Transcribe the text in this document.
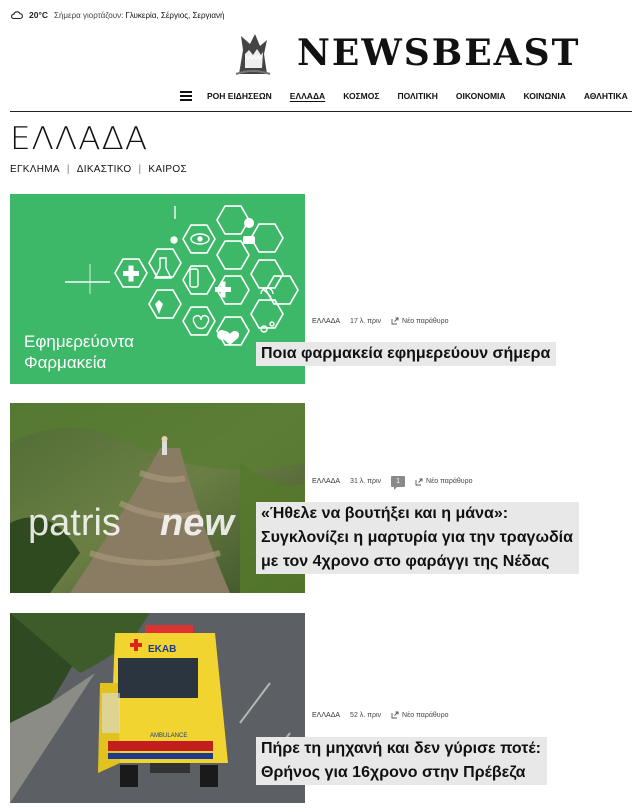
20°C Σήμερα γιορτάζουν: Γλυκερία, Σέργιος, Σεργιανή
NEWSBEAST
ΡΟΗ ΕΙΔΗΣΕΩΝ ΕΛΛΑΔΑ ΚΟΣΜΟΣ ΠΟΛΙΤΙΚΗ ΟΙΚΟΝΟΜΙΑ ΚΟΙΝΩΝΙΑ ΑΘΛΗΤΙΚΑ
ΕΛΛΑΔΑ
ΕΓΚΛΗΜΑ | ΔΙΚΑΣΤΙΚΟ | ΚΑΙΡΟΣ
Εφημερεύοντα
Φαρμακεία
ΕΛΛΑΔΑ 17 λ. πριν	Νέο παράθυρο
Ποια φαρμακεία εφημερεύουν σήμερα
patris new
ΕΛΛΑΔΑ 31 λ. πριν	1	Νέο παράθυρο
«Ήθελε να βουτήξει και η μάνα»:
Συγκλονίζει η μαρτυρία για την τραγωδία
με τον 4χρονο στο φαράγγι της Νέδας
ΕΚΑΒ
AMBULANCE
ΕΛΛΑΔΑ 52 λ. πριν	Νέο παράθυρο
Πήρε τη μηχανή και δεν γύρισε ποτέ:
Θρήνος για 16χρονο στην Πρέβεζα
